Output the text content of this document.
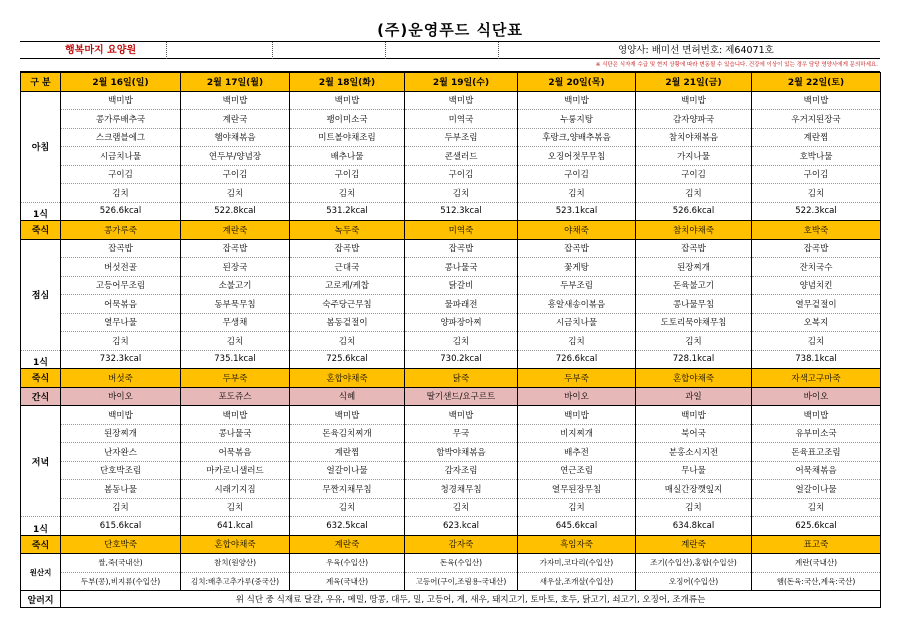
(주)운영푸드 식단표
행복마지 요양원	영양사: 배미선 면허번호: 제64071호
※ 식단은 식자재 수급 및 현지 상황에 따라 변동될 수 있습니다. 건강에 이상이 있는 경우 담당 영양사에게 문의하세요.
구 분	2월 16일(일)	2월 17일(월)	2월 18일(화)	2월 19일(수)	2월 20일(목)	2월 21일(금)	2월 22일(토)
아침	백미밥	백미밥	백미밥	백미밥	백미밥	백미밥	백미밥
	콩가루배추국	계란국	팽이미소국	미역국	누룽지탕	감자양파국	우거지된장국
	스크램블에그	햄야채볶음	미트볼야채조림	두부조림	후랑크,양배추볶음	참치야채볶음	계란찜
	시금치나물	연두부/양념장	배추나물	콘샐러드	오징어젓무무침	가지나물	호박나물
	구이김	구이김	구이김	구이김	구이김	구이김	구이김
	김치	김치	김치	김치	김치	김치	김치
1식	526.6kcal	522.8kcal	531.2kcal	512.3kcal	523.1kcal	526.6kcal	522.3kcal
죽식	콩가루죽	계란죽	녹두죽	미역죽	야채죽	참치야채죽	호박죽
점심	잡곡밥	잡곡밥	잡곡밥	잡곡밥	잡곡밥	잡곡밥	잡곡밥
	버섯전골	된장국	근대국	콩나물국	꽃게탕	된장찌개	잔치국수
	고등어무조림	소불고기	고로케/케찹	닭갈비	두부조림	돈육불고기	양념치킨
	어묵볶음	동부묵무침	숙주당근무침	물파래전	흥알새송이볶음	콩나물무침	열무겉절이
	열무나물	무생채	봄동겉절이	양파장아찌	시금치나물	도토리묵야채무침	오복지
	김치	김치	김치	김치	김치	김치	김치
1식	732.3kcal	735.1kcal	725.6kcal	730.2kcal	726.6kcal	728.1kcal	738.1kcal
죽식	버섯죽	두부죽	혼합야채죽	닭죽	두부죽	혼합야채죽	자색고구마죽
간식	바이오	포도쥬스	식혜	딸기샌드/요구르트	바이오	과일	바이오
저녁	백미밥	백미밥	백미밥	백미밥	백미밥	백미밥	백미밥
	된장찌개	콩나물국	돈육김치찌개	무국	비지찌개	북어국	유부미소국
	난자완스	어묵볶음	계란찜	함박야채볶음	배추전	분홍소시지전	돈육표고조림
	단호박조림	마카로니샐러드	얼갈이나물	감자조림	연근조림	무나물	어묵채볶음
	봄동나물	시래기지짐	무짠지채무침	청경채무침	열무된장무침	매실간장깻잎지	얼갈이나물
	김치	김치	김치	김치	김치	김치	김치
1식	615.6kcal	641.kcal	632.5kcal	623.kcal	645.6kcal	634.8kcal	625.6kcal
죽식	단호박죽	혼합야채죽	계란죽	감자죽	흑임자죽	계란죽	표고죽
원산지	쌀,죽(국내산)	참치(원양산)	우육(수입산)	돈육(수입산)	가자미,코다리(수입산)	조기(수입산),홍합(수입산)	계란(국내산)
	두부(콩),비지류(수입산)	김치:배추고추가루(중국산)	계육(국내산)	고등어(구이,조림용-국내산)	새우살,조개살(수입산)	오징어(수입산)	햄(돈육:국산,계육:국산)
알러지	위 식단 중 식재료 달걀, 우유, 메밀, 땅콩, 대두, 밀, 고등어, 게, 새우, 돼지고기, 토마토, 호두, 닭고기, 쇠고기, 오징어, 조개류는						
